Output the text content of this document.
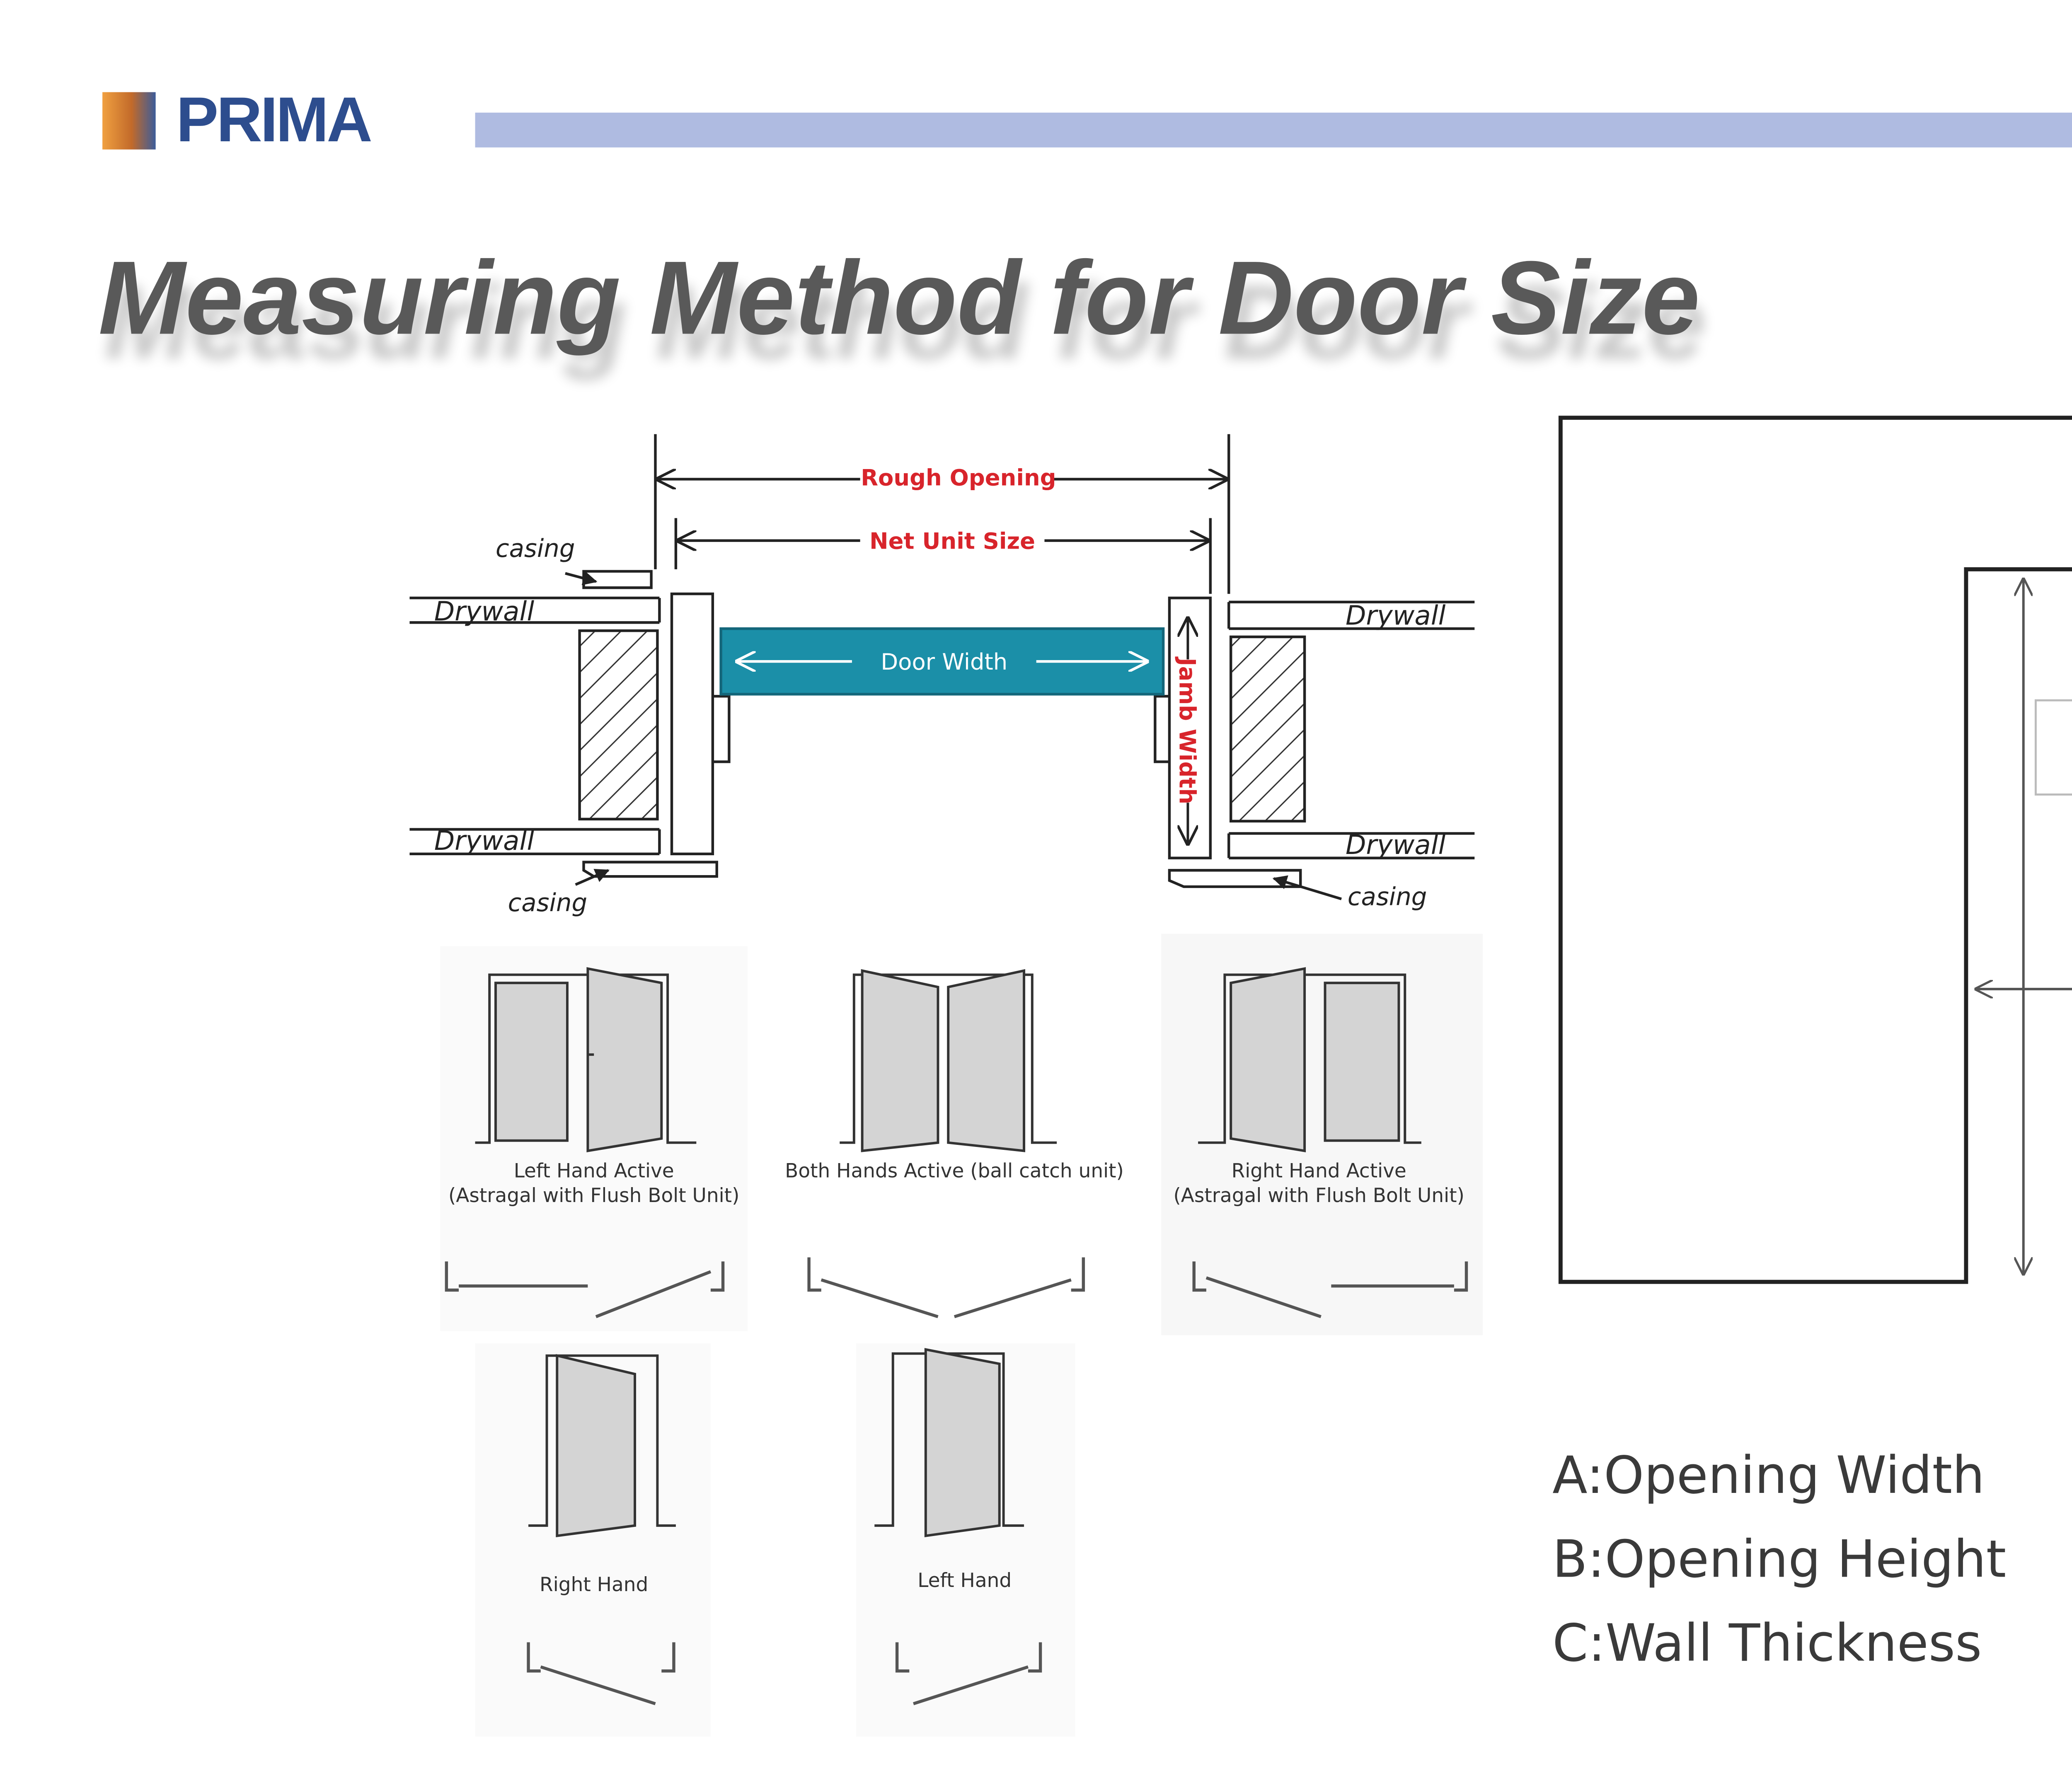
PRIMA
Measuring Method for Door Size
Rough Opening
Net Unit Size
Door Width	Jamb Width
Drywall
Drywall
Drywall
Drywall
casing
casing	casing
Left Hand Active
(Astragal with Flush Bolt Unit)
Both Hands Active (ball catch unit)	Right Hand Active
(Astragal with Flush Bolt Unit)
Right Hand	Left Hand
A:Opening Width
B:Opening Height
C:Wall Thickness
